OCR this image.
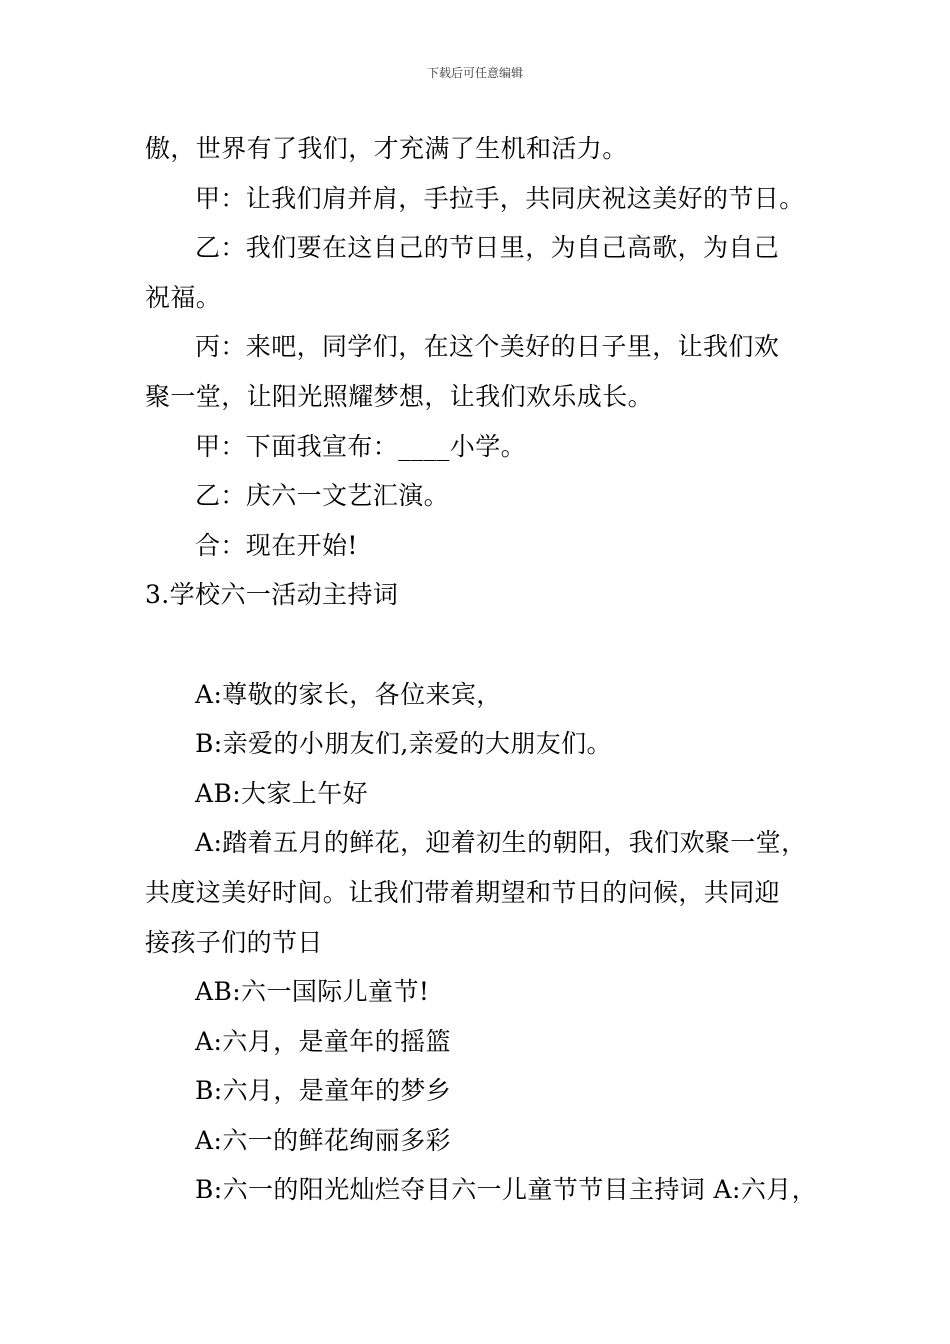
下载后可任意编辑
傲，世界有了我们，才充满了生机和活力。
甲：让我们肩并肩，手拉手，共同庆祝这美好的节日。
乙：我们要在这自己的节日里，为自己高歌，为自己
祝福。
丙：来吧，同学们，在这个美好的日子里，让我们欢
聚一堂，让阳光照耀梦想，让我们欢乐成长。
甲：下面我宣布：____小学。
乙：庆六一文艺汇演。
合：现在开始!
3.学校六一活动主持词
A:尊敬的家长，各位来宾，
B:亲爱的小朋友们,亲爱的大朋友们。
AB:大家上午好
A:踏着五月的鲜花，迎着初生的朝阳，我们欢聚一堂，
共度这美好时间。让我们带着期望和节日的问候，共同迎
接孩子们的节日
AB:六一国际儿童节!
A:六月，是童年的摇篮
B:六月，是童年的梦乡
A:六一的鲜花绚丽多彩
B:六一的阳光灿烂夺目六一儿童节节目主持词 A:六月，
